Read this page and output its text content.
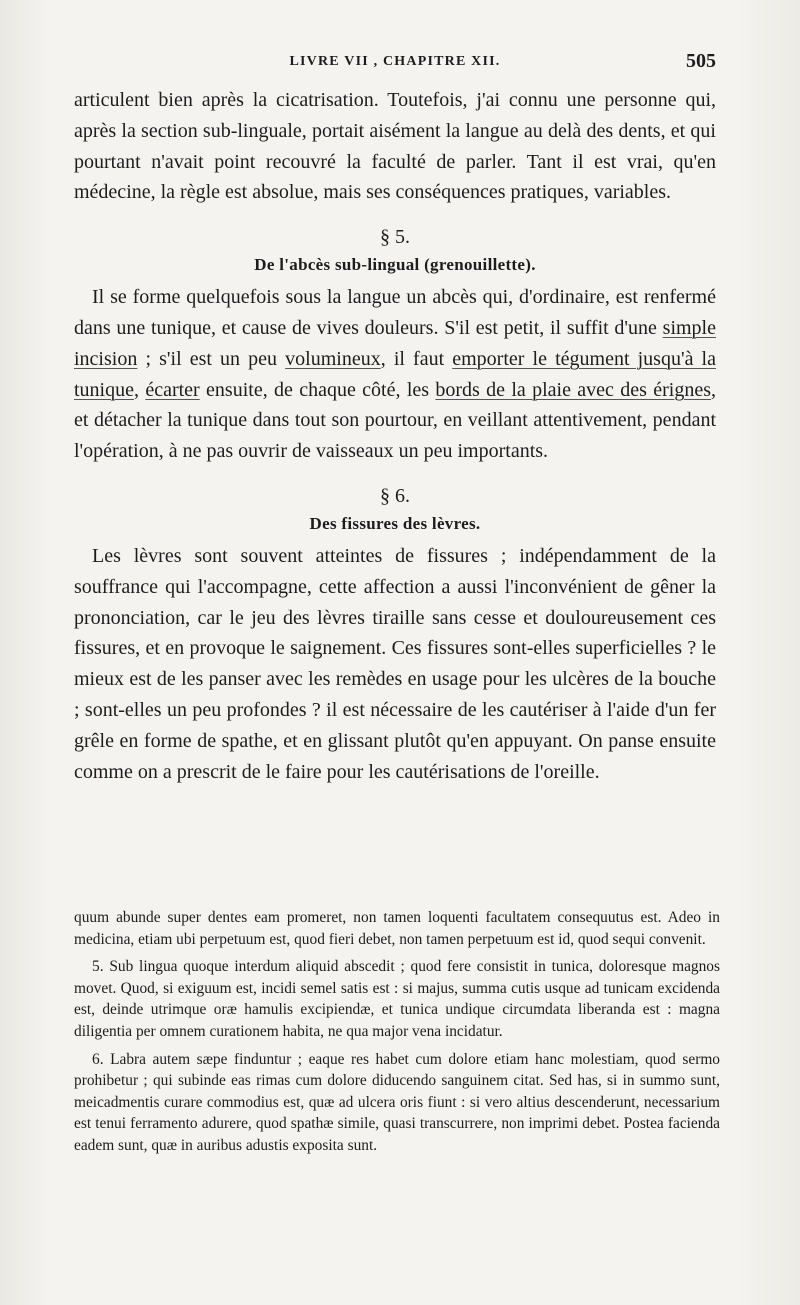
LIVRE VII , CHAPITRE XII.	505

articulent bien après la cicatrisation. Toutefois, j'ai connu une personne qui, après la section sub-linguale, portait aisément la langue au delà des dents, et qui pourtant n'avait point recouvré la faculté de parler. Tant il est vrai, qu'en médecine, la règle est absolue, mais ses conséquences pratiques, variables.

§ 5.
De l'abcès sub-lingual (grenouillette).

Il se forme quelquefois sous la langue un abcès qui, d'ordinaire, est renfermé dans une tunique, et cause de vives douleurs. S'il est petit, il suffit d'une simple incision ; s'il est un peu volumineux, il faut emporter le tégument jusqu'à la tunique, écarter ensuite, de chaque côté, les bords de la plaie avec des érignes, et détacher la tunique dans tout son pourtour, en veillant attentivement, pendant l'opération, à ne pas ouvrir de vaisseaux un peu importants.

§ 6.
Des fissures des lèvres.

Les lèvres sont souvent atteintes de fissures ; indépendamment de la souffrance qui l'accompagne, cette affection a aussi l'inconvénient de gêner la prononciation, car le jeu des lèvres tiraille sans cesse et douloureusement ces fissures, et en provoque le saignement. Ces fissures sont-elles superficielles ? le mieux est de les panser avec les remèdes en usage pour les ulcères de la bouche ; sont-elles un peu profondes ? il est nécessaire de les cautériser à l'aide d'un fer grêle en forme de spathe, et en glissant plutôt qu'en appuyant. On panse ensuite comme on a prescrit de le faire pour les cautérisations de l'oreille.

quum abunde super dentes eam promeret, non tamen loquenti facultatem consequutus est. Adeo in medicina, etiam ubi perpetuum est, quod fieri debet, non tamen perpetuum est id, quod sequi convenit.

5. Sub lingua quoque interdum aliquid abscedit ; quod fere consistit in tunica, doloresque magnos movet. Quod, si exiguum est, incidi semel satis est : si majus, summa cutis usque ad tunicam excidenda est, deinde utrimque oræ hamulis excipiendæ, et tunica undique circumdata liberanda est : magna diligentia per omnem curationem habita, ne qua major vena incidatur.

6. Labra autem sæpe finduntur ; eaque res habet cum dolore etiam hanc molestiam, quod sermo prohibetur ; qui subinde eas rimas cum dolore diducendo sanguinem citat. Sed has, si in summo sunt, meicadmentis curare commodius est, quæ ad ulcera oris fiunt : si vero altius descenderunt, necessarium est tenui ferramento adurere, quod spathæ simile, quasi transcurrere, non imprimi debet. Postea facienda eadem sunt, quæ in auribus adustis exposita sunt.
